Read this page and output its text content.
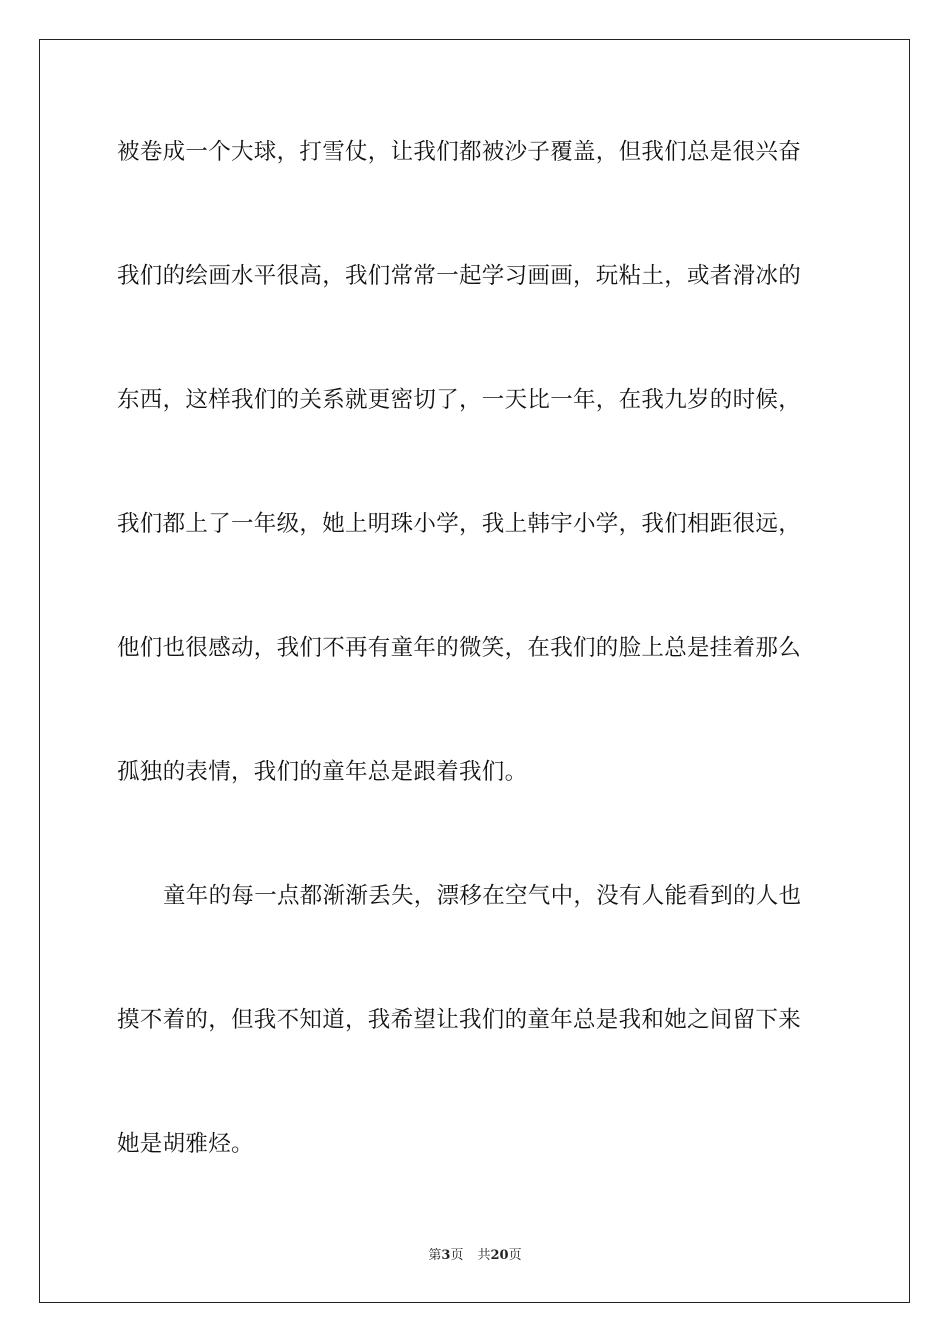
被卷成一个大球，打雪仗，让我们都被沙子覆盖，但我们总是很兴奋
我们的绘画水平很高，我们常常一起学习画画，玩粘土，或者滑冰的
东西，这样我们的关系就更密切了，一天比一年，在我九岁的时候，
我们都上了一年级，她上明珠小学，我上韩宇小学，我们相距很远，
他们也很感动，我们不再有童年的微笑，在我们的脸上总是挂着那么
孤独的表情，我们的童年总是跟着我们。
童年的每一点都渐渐丢失，漂移在空气中，没有人能看到的人也
摸不着的，但我不知道，我希望让我们的童年总是我和她之间留下来
她是胡雅烃。
第3页 共20页
